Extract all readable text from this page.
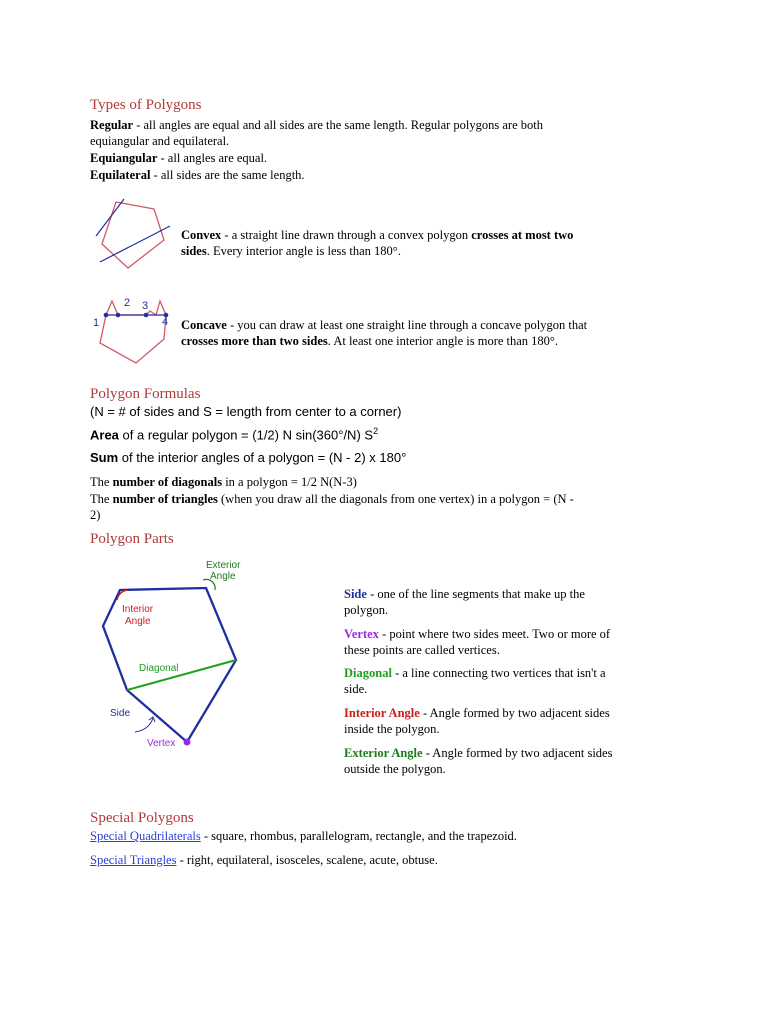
Types of Polygons
Regular - all angles are equal and all sides are the same length. Regular polygons are both
equiangular and equilateral.
Equiangular - all angles are equal.
Equilateral - all sides are the same length.
Convex - a straight line drawn through a convex polygon crosses at most two
sides. Every interior angle is less than 180°.
1
2 3
4 Concave - you can draw at least one straight line through a concave polygon that
crosses more than two sides. At least one interior angle is more than 180°.
Polygon Formulas
(N = # of sides and S = length from center to a corner)
Area of a regular polygon = (1/2) N sin(360°/N) $S^2$
Sum of the interior angles of a polygon = (N - 2) x 180°
The number of diagonals in a polygon = 1/2 N(N-3)
The number of triangles (when you draw all the diagonals from one vertex) in a polygon = (N -
2)
Polygon Parts
Exterior
Angle
Interior
Angle
Diagonal
Side
Vertex
Side - one of the line segments that make up the
polygon.
Vertex - point where two sides meet. Two or more of
these points are called vertices.
Diagonal - a line connecting two vertices that isn't a
side.
Interior Angle - Angle formed by two adjacent sides
inside the polygon.
Exterior Angle - Angle formed by two adjacent sides
outside the polygon.
Special Polygons
Special Quadrilaterals - square, rhombus, parallelogram, rectangle, and the trapezoid.
Special Triangles - right, equilateral, isosceles, scalene, acute, obtuse.
